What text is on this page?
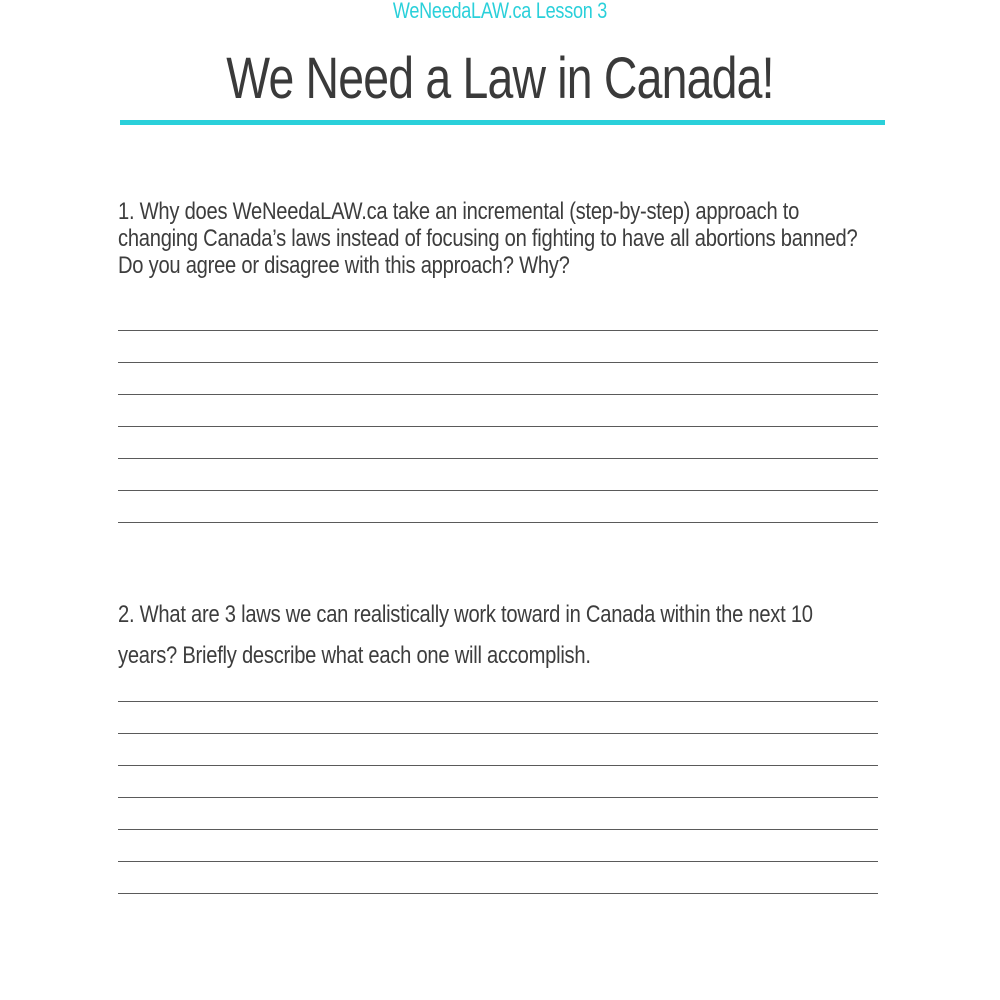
WeNeedaLAW.ca Lesson 3
We Need a Law in Canada!

1. Why does WeNeedaLAW.ca take an incremental (step-by-step) approach to changing Canada’s laws instead of focusing on fighting to have all abortions banned? Do you agree or disagree with this approach? Why?

2. What are 3 laws we can realistically work toward in Canada within the next 10 years? Briefly describe what each one will accomplish.
